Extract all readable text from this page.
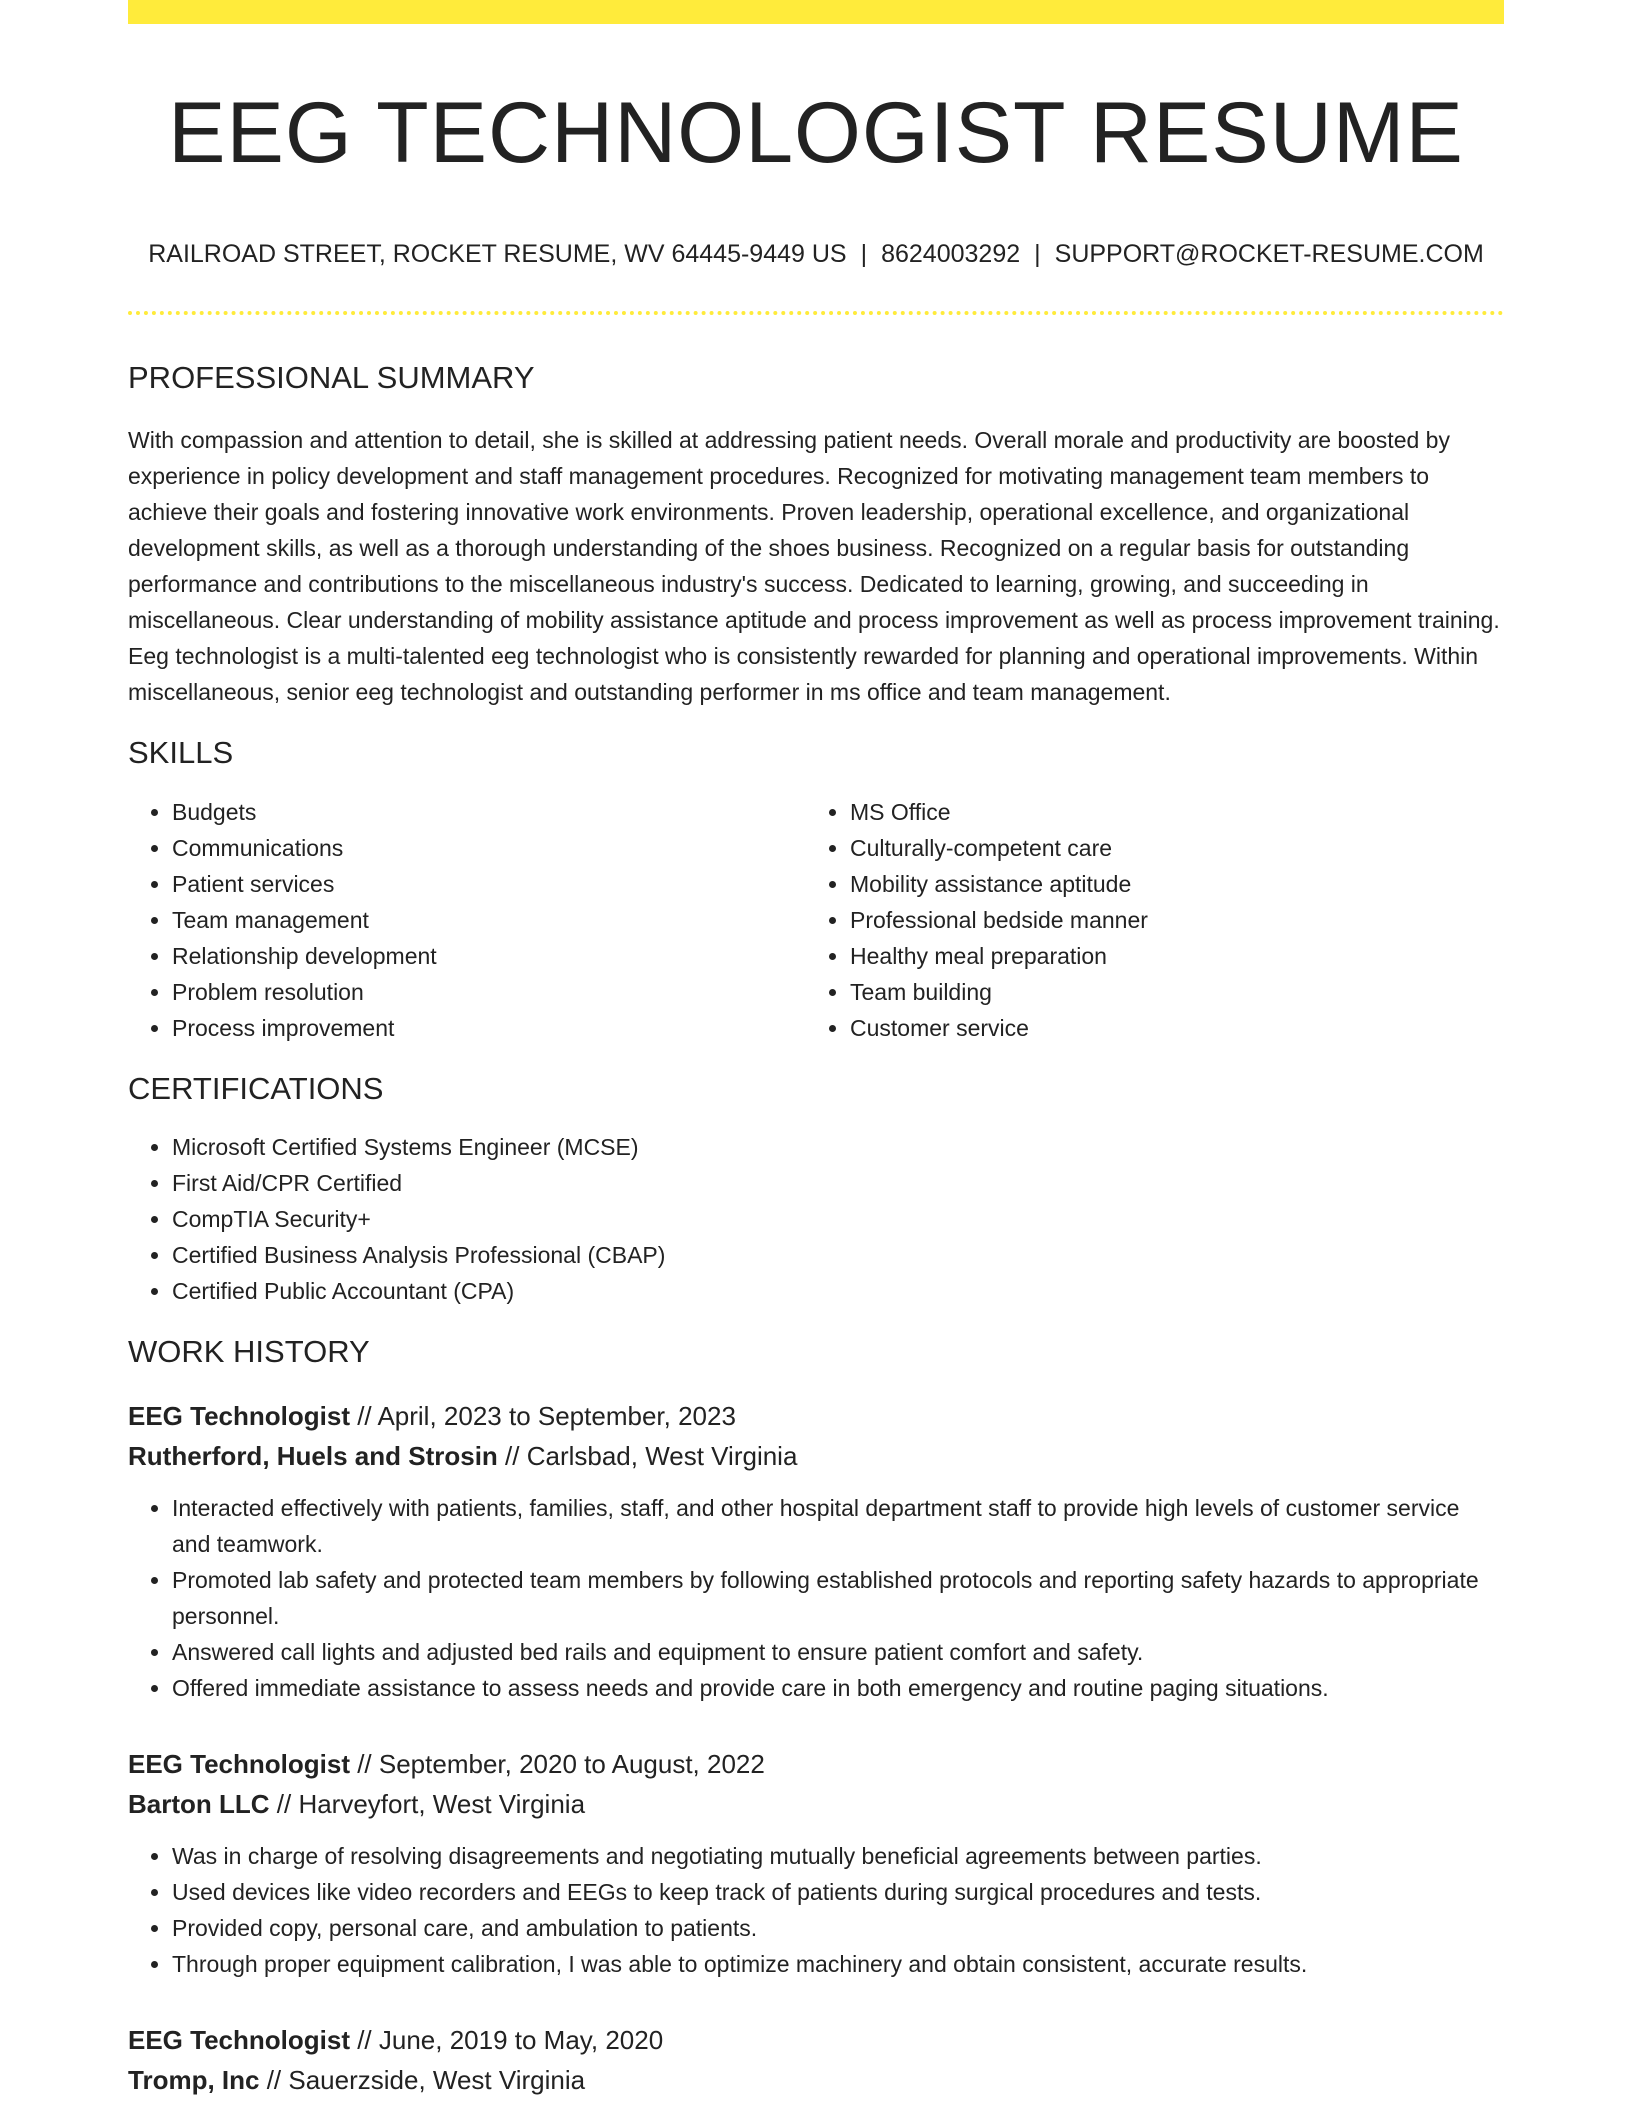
EEG TECHNOLOGIST RESUME
RAILROAD STREET, ROCKET RESUME, WV 64445-9449 US | 8624003292 | SUPPORT@ROCKET-RESUME.COM
PROFESSIONAL SUMMARY
With compassion and attention to detail, she is skilled at addressing patient needs. Overall morale and productivity are boosted by experience in policy development and staff management procedures. Recognized for motivating management team members to achieve their goals and fostering innovative work environments. Proven leadership, operational excellence, and organizational development skills, as well as a thorough understanding of the shoes business. Recognized on a regular basis for outstanding performance and contributions to the miscellaneous industry's success. Dedicated to learning, growing, and succeeding in miscellaneous. Clear understanding of mobility assistance aptitude and process improvement as well as process improvement training. Eeg technologist is a multi-talented eeg technologist who is consistently rewarded for planning and operational improvements. Within miscellaneous, senior eeg technologist and outstanding performer in ms office and team management.
SKILLS
• Budgets
• Communications
• Patient services
• Team management
• Relationship development
• Problem resolution
• Process improvement
• MS Office
• Culturally-competent care
• Mobility assistance aptitude
• Professional bedside manner
• Healthy meal preparation
• Team building
• Customer service
CERTIFICATIONS
• Microsoft Certified Systems Engineer (MCSE)
• First Aid/CPR Certified
• CompTIA Security+
• Certified Business Analysis Professional (CBAP)
• Certified Public Accountant (CPA)
WORK HISTORY
EEG Technologist // April, 2023 to September, 2023
Rutherford, Huels and Strosin // Carlsbad, West Virginia
• Interacted effectively with patients, families, staff, and other hospital department staff to provide high levels of customer service and teamwork.
• Promoted lab safety and protected team members by following established protocols and reporting safety hazards to appropriate personnel.
• Answered call lights and adjusted bed rails and equipment to ensure patient comfort and safety.
• Offered immediate assistance to assess needs and provide care in both emergency and routine paging situations.
EEG Technologist // September, 2020 to August, 2022
Barton LLC // Harveyfort, West Virginia
• Was in charge of resolving disagreements and negotiating mutually beneficial agreements between parties.
• Used devices like video recorders and EEGs to keep track of patients during surgical procedures and tests.
• Provided copy, personal care, and ambulation to patients.
• Through proper equipment calibration, I was able to optimize machinery and obtain consistent, accurate results.
EEG Technologist // June, 2019 to May, 2020
Tromp, Inc // Sauerzside, West Virginia
